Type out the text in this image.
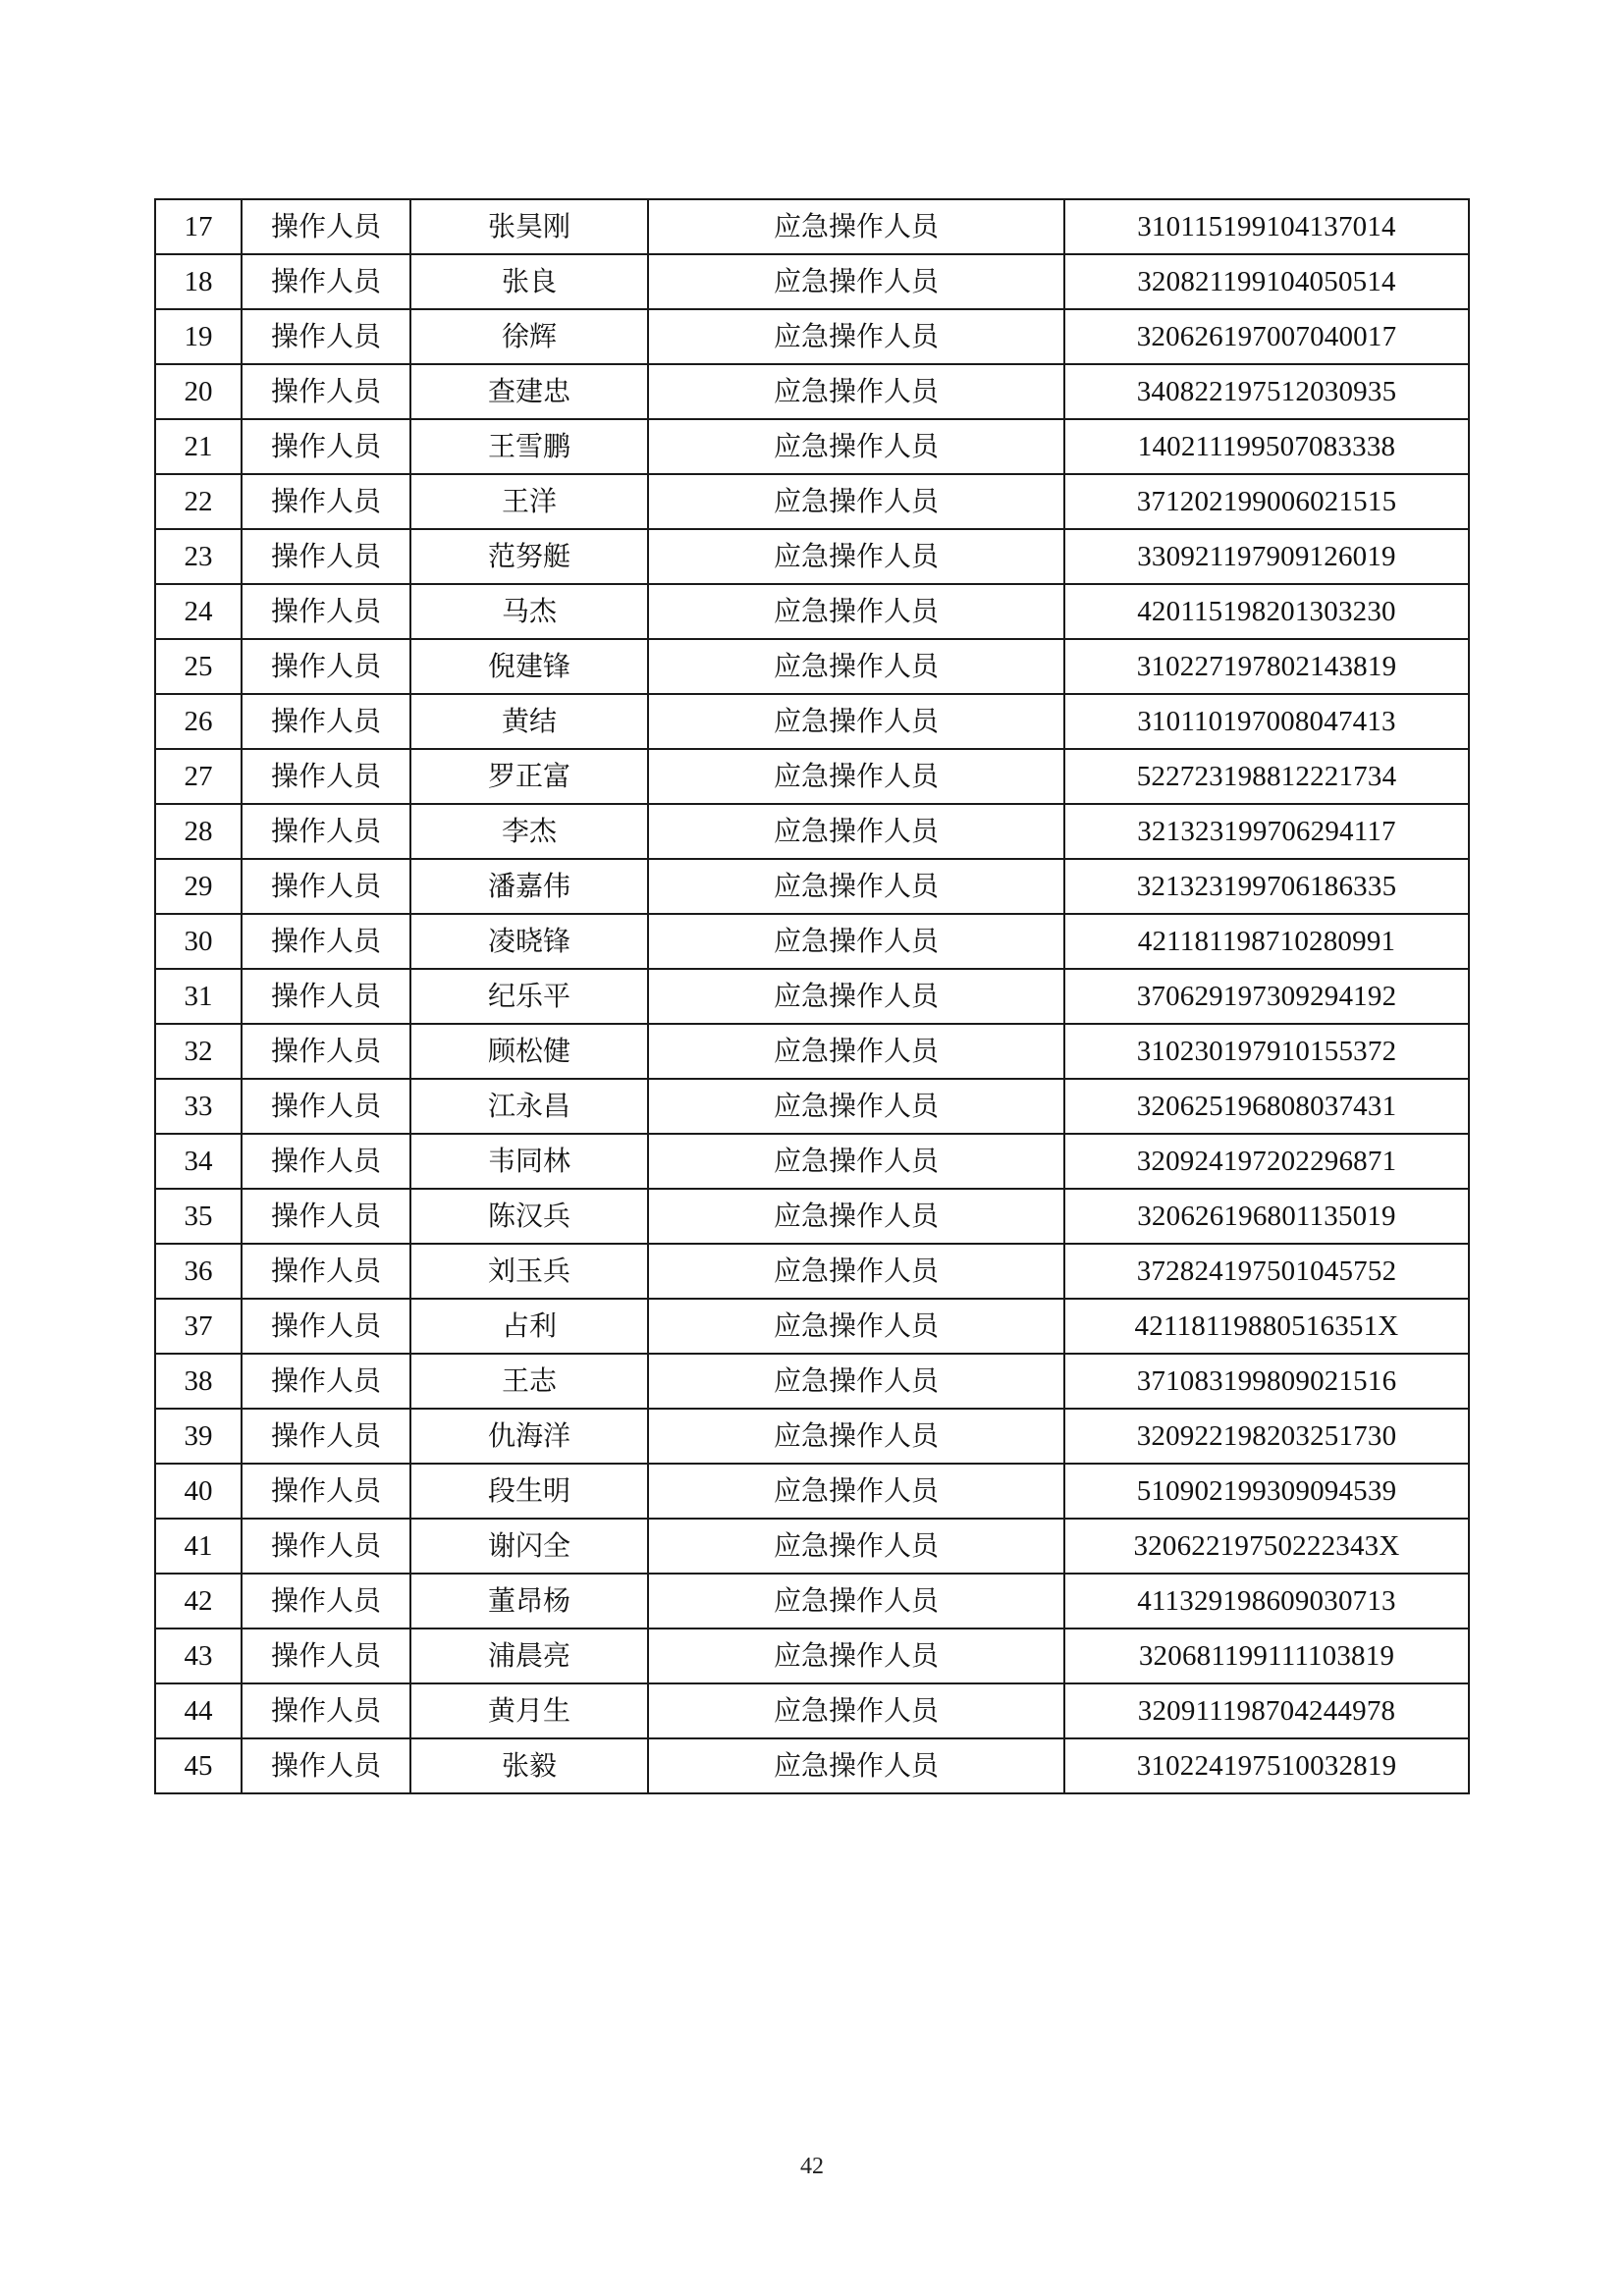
17	操作人员	张昊刚	应急操作人员	310115199104137014
18	操作人员	张良	应急操作人员	320821199104050514
19	操作人员	徐辉	应急操作人员	320626197007040017
20	操作人员	查建忠	应急操作人员	340822197512030935
21	操作人员	王雪鹏	应急操作人员	140211199507083338
22	操作人员	王洋	应急操作人员	371202199006021515
23	操作人员	范努艇	应急操作人员	330921197909126019
24	操作人员	马杰	应急操作人员	420115198201303230
25	操作人员	倪建锋	应急操作人员	310227197802143819
26	操作人员	黄结	应急操作人员	310110197008047413
27	操作人员	罗正富	应急操作人员	522723198812221734
28	操作人员	李杰	应急操作人员	321323199706294117
29	操作人员	潘嘉伟	应急操作人员	321323199706186335
30	操作人员	凌晓锋	应急操作人员	421181198710280991
31	操作人员	纪乐平	应急操作人员	370629197309294192
32	操作人员	顾松健	应急操作人员	310230197910155372
33	操作人员	江永昌	应急操作人员	320625196808037431
34	操作人员	韦同林	应急操作人员	320924197202296871
35	操作人员	陈汉兵	应急操作人员	320626196801135019
36	操作人员	刘玉兵	应急操作人员	372824197501045752
37	操作人员	占利	应急操作人员	42118119880516351X
38	操作人员	王志	应急操作人员	371083199809021516
39	操作人员	仇海洋	应急操作人员	320922198203251730
40	操作人员	段生明	应急操作人员	510902199309094539
41	操作人员	谢闪全	应急操作人员	32062219750222343X
42	操作人员	董昂杨	应急操作人员	411329198609030713
43	操作人员	浦晨亮	应急操作人员	320681199111103819
44	操作人员	黄月生	应急操作人员	320911198704244978
45	操作人员	张毅	应急操作人员	310224197510032819
42
